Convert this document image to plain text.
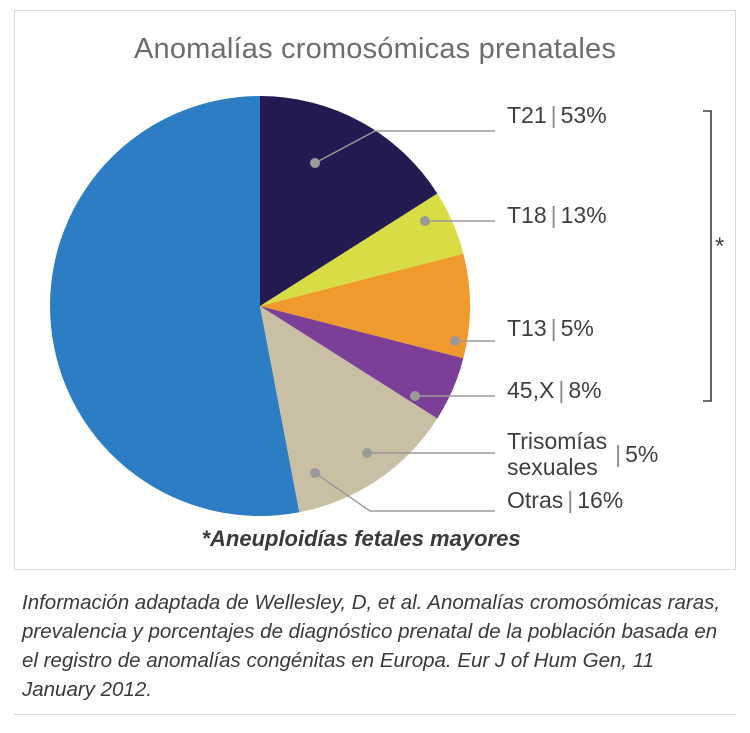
Anomalías cromosómicas prenatales
T21 | 53%
T18 | 13%
T13 | 5%
45,X | 8%
Trisomías
sexuales | 5%
Otras | 16%
*
*Aneuploidías fetales mayores
Información adaptada de Wellesley, D, et al. Anomalías cromosómicas raras, prevalencia y porcentajes de diagnóstico prenatal de la población basada en el registro de anomalías congénitas en Europa. Eur J of Hum Gen, 11 January 2012.
